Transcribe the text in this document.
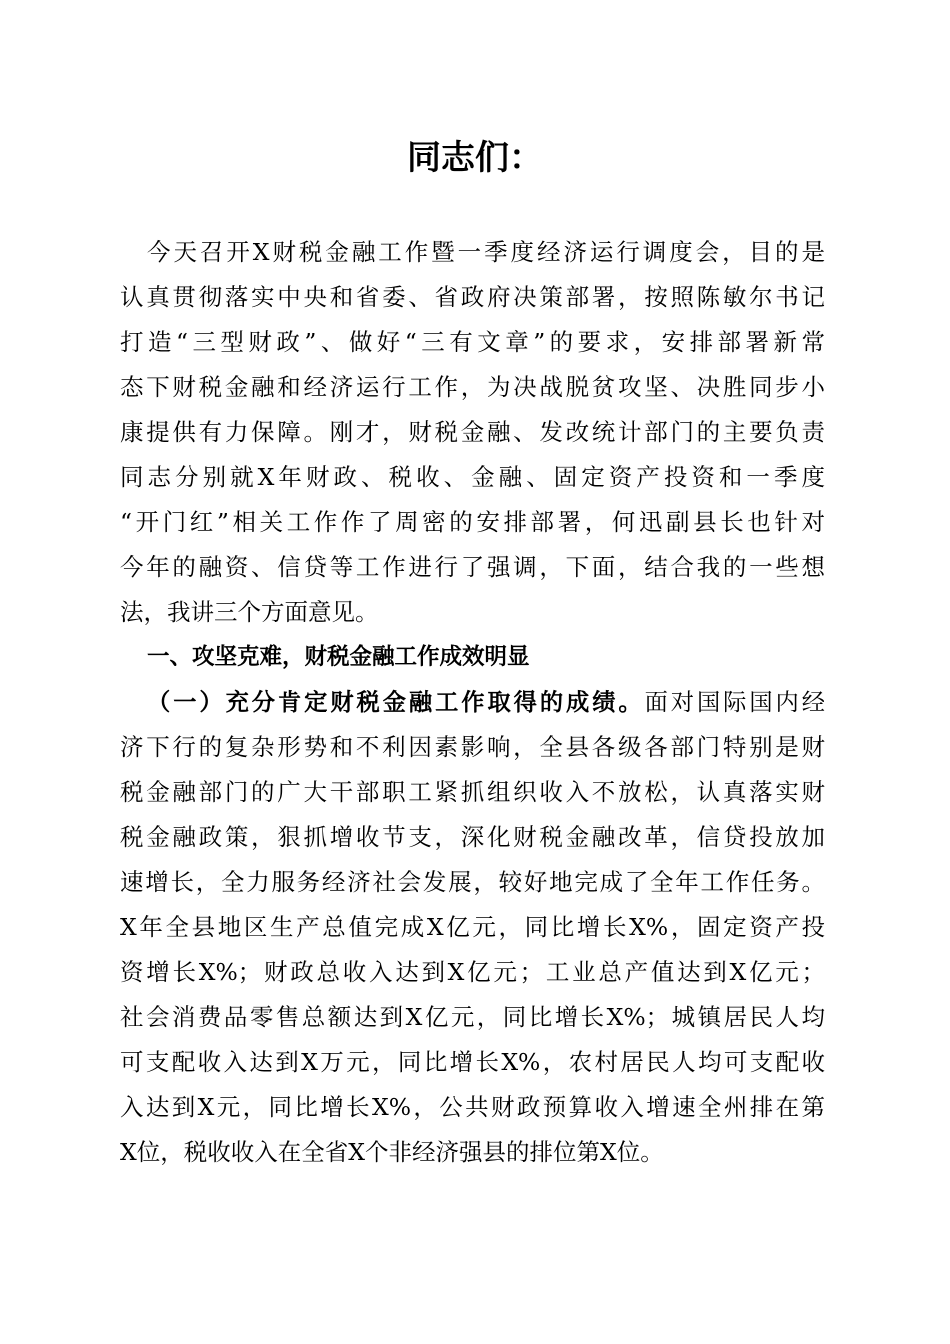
同志们：
今天召开X财税金融工作暨一季度经济运行调度会，目的是
认真贯彻落实中央和省委、省政府决策部署，按照陈敏尔书记
打造“三型财政”、做好“三有文章”的要求，安排部署新常
态下财税金融和经济运行工作，为决战脱贫攻坚、决胜同步小
康提供有力保障。刚才，财税金融、发改统计部门的主要负责
同志分别就X年财政、税收、金融、固定资产投资和一季度
“开门红”相关工作作了周密的安排部署，何迅副县长也针对
今年的融资、信贷等工作进行了强调，下面，结合我的一些想
法，我讲三个方面意见。
一、攻坚克难，财税金融工作成效明显
（一）充分肯定财税金融工作取得的成绩。面对国际国内经
济下行的复杂形势和不利因素影响，全县各级各部门特别是财
税金融部门的广大干部职工紧抓组织收入不放松，认真落实财
税金融政策，狠抓增收节支，深化财税金融改革，信贷投放加
速增长，全力服务经济社会发展，较好地完成了全年工作任务。
X年全县地区生产总值完成X亿元，同比增长X%，固定资产投
资增长X%；财政总收入达到X亿元；工业总产值达到X亿元；
社会消费品零售总额达到X亿元，同比增长X%；城镇居民人均
可支配收入达到X万元，同比增长X%，农村居民人均可支配收
入达到X元，同比增长X%，公共财政预算收入增速全州排在第
X位，税收收入在全省X个非经济强县的排位第X位。
